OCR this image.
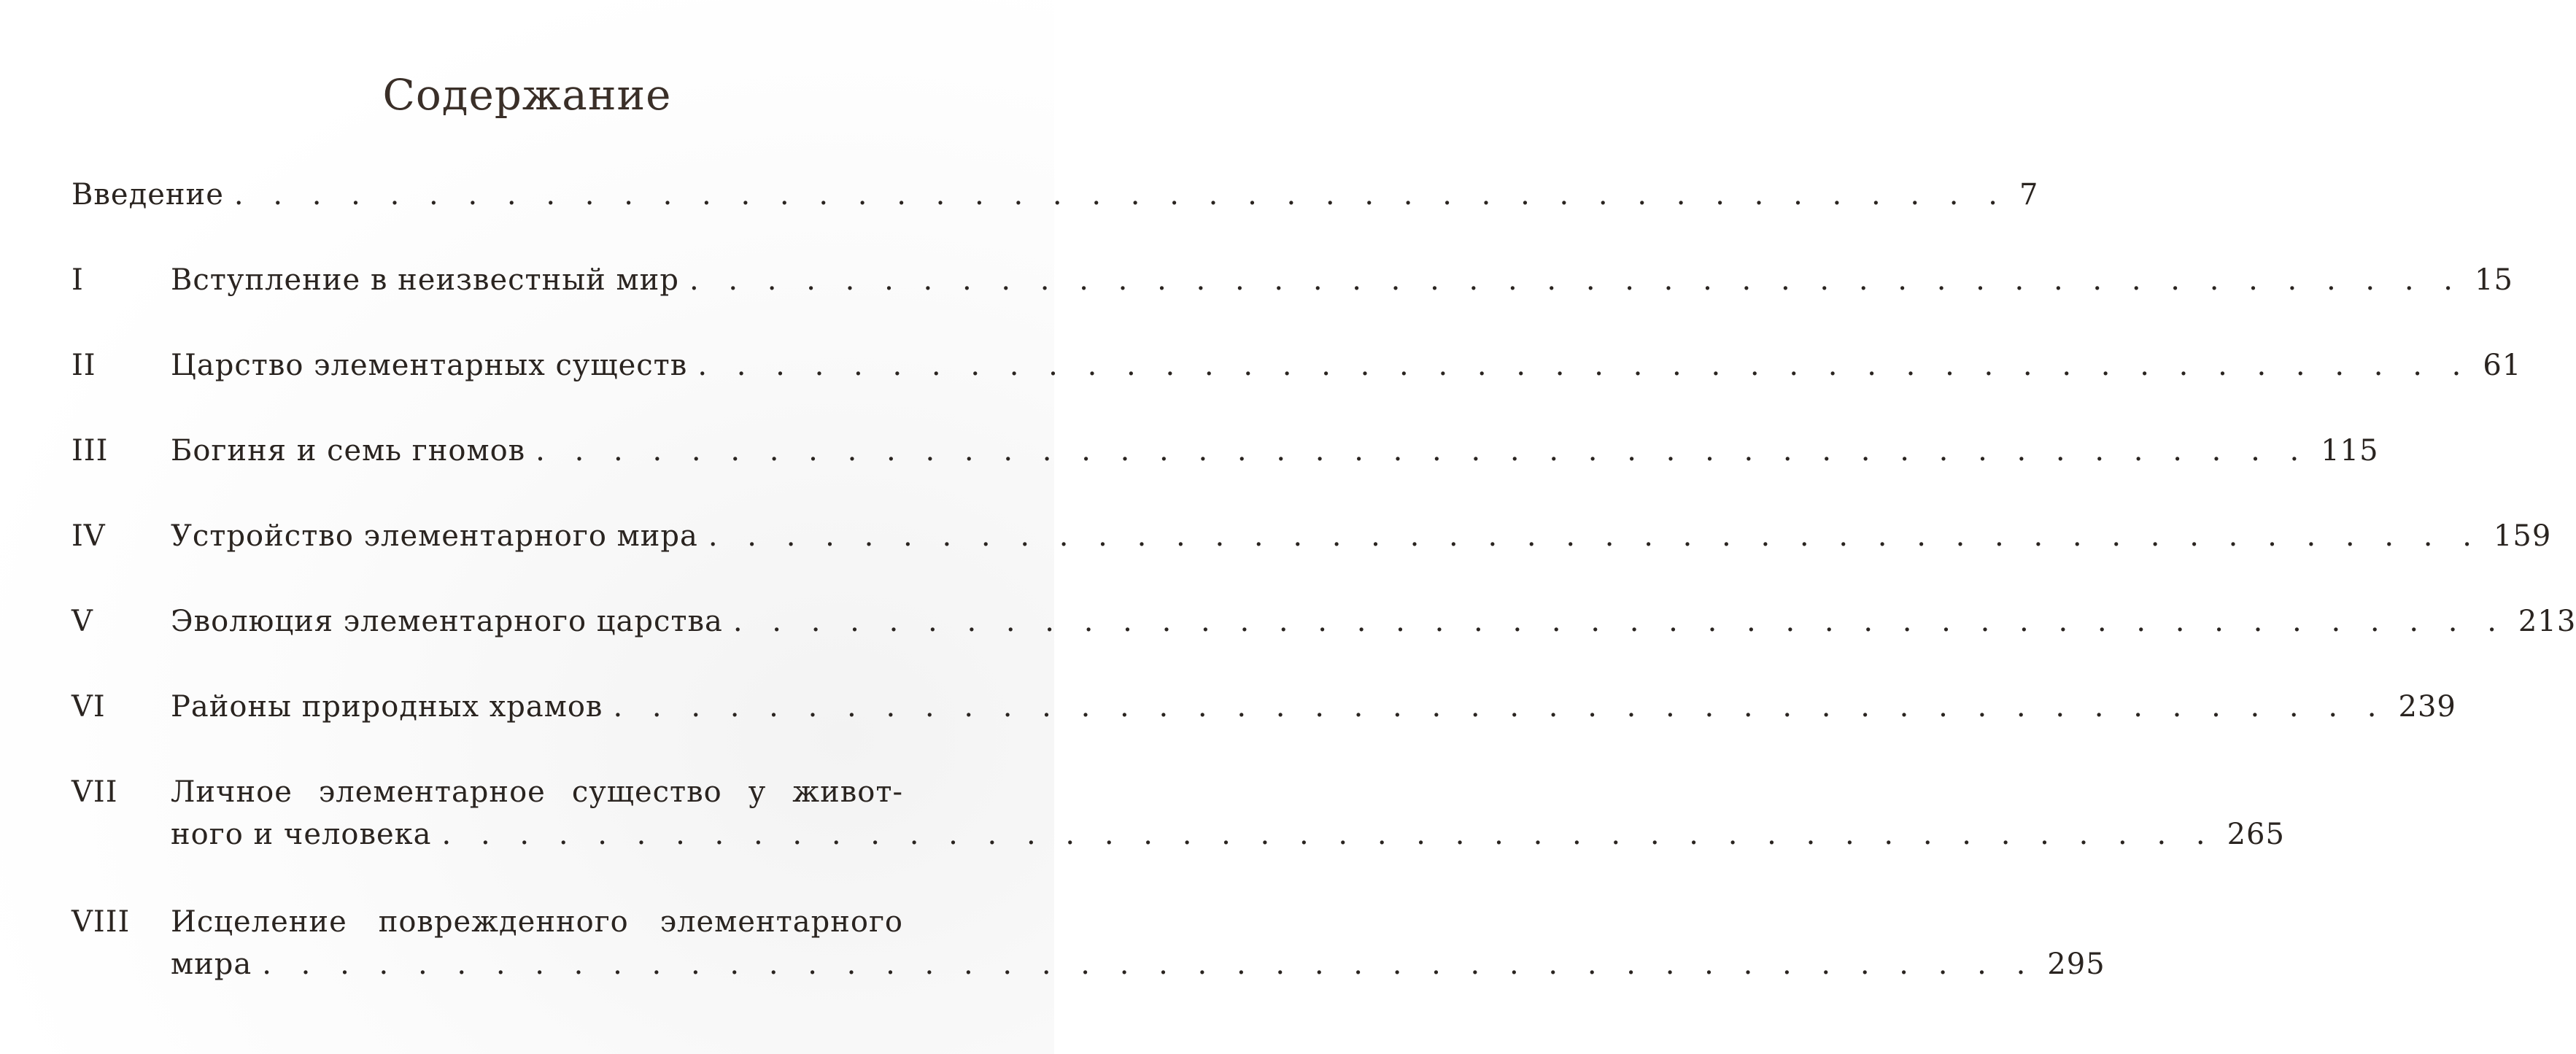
Содержание
Введение . . . . . . . . . . . . . . . . . . . . . . . . . . . . . . . . . . . . . . . . . . . . . . 7
I	Вступление в неизвестный мир . . . . . . . . . . . . . . . . . . . . . . . . . . . . . . . . . . . . . . . . . . . . . . 15
II	Царство элементарных существ . . . . . . . . . . . . . . . . . . . . . . . . . . . . . . . . . . . . . . . . . . . . . . 61
III Богиня и семь гномов . . . . . . . . . . . . . . . . . . . . . . . . . . . . . . . . . . . . . . . . . . . . . . 115
IV Устройство элементарного мира . . . . . . . . . . . . . . . . . . . . . . . . . . . . . . . . . . . . . . . . . . . . . . 159
V	Эволюция элементарного царства . . . . . . . . . . . . . . . . . . . . . . . . . . . . . . . . . . . . . . . . . . . . . . 213
VI Районы природных храмов . . . . . . . . . . . . . . . . . . . . . . . . . . . . . . . . . . . . . . . . . . . . . . 239
VII Личное элементарное существо у живот-
ного и человека . . . . . . . . . . . . . . . . . . . . . . . . . . . . . . . . . . . . . . . . . . . . . . 265
VIII Исцеление поврежденного элементарного
мира . . . . . . . . . . . . . . . . . . . . . . . . . . . . . . . . . . . . . . . . . . . . . . 295
